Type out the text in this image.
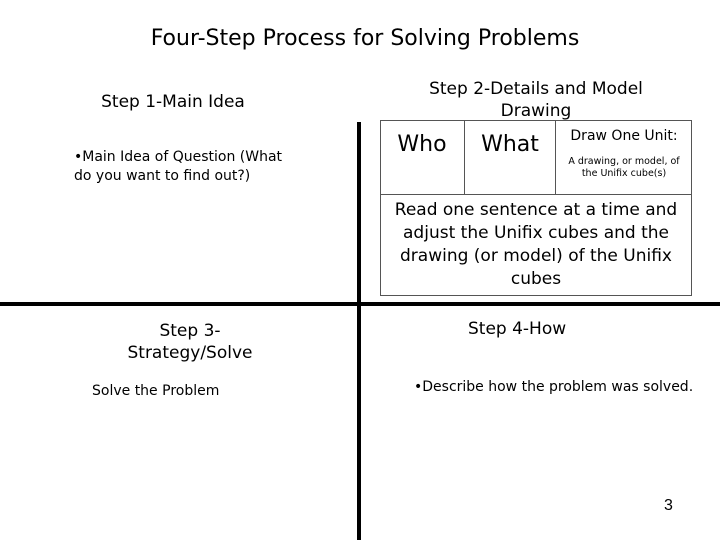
Four-Step Process for Solving Problems
Step 1-Main Idea
•Main Idea of Question (What do you want to find out?)
Step 2-Details and Model
Drawing
Who	What	Draw One Unit:
A drawing, or model, of the Unifix cube(s)
Read one sentence at a time and adjust the Unifix cubes and the drawing (or model) of the Unifix cubes
Step 3-Strategy/Solve
Solve the Problem
Step 4-How
•Describe how the problem was solved.
3
